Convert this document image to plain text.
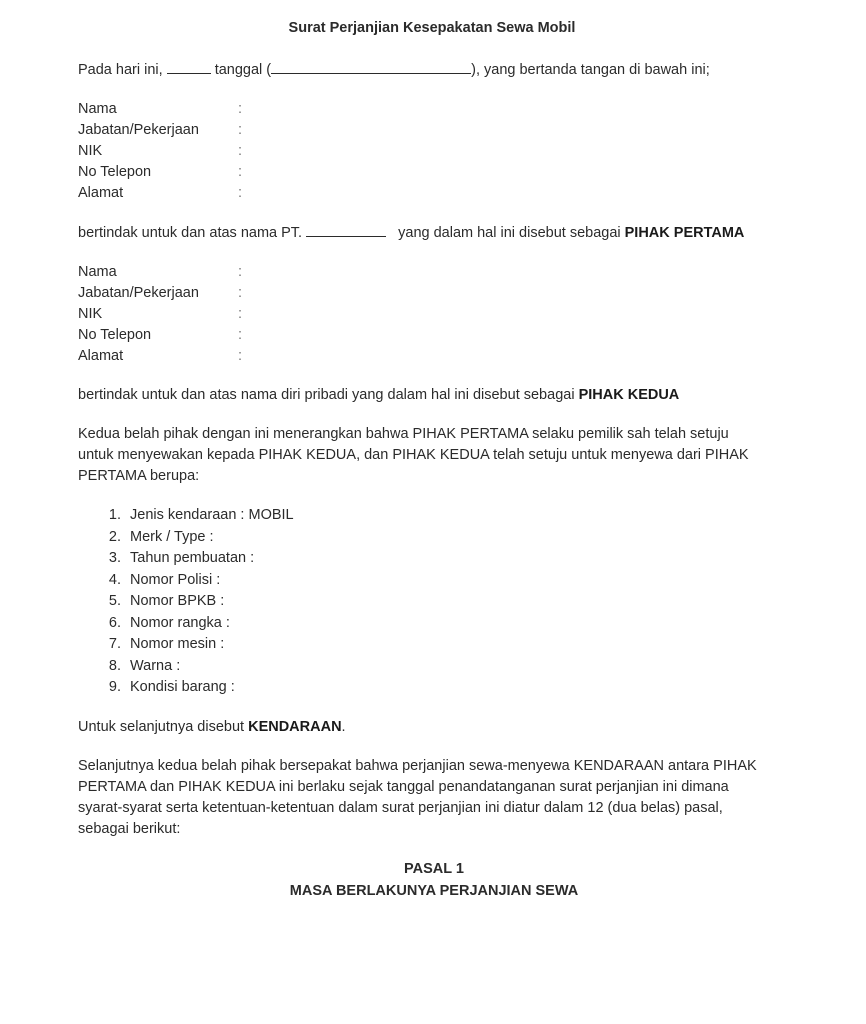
Surat Perjanjian Kesepakatan Sewa Mobil

Pada hari ini,	tanggal (	), yang bertanda tangan di bawah ini;

Nama	:
Jabatan/Pekerjaan	:
NIK	:
No Telepon	:
Alamat	:

bertindak untuk dan atas nama PT.	yang dalam hal ini disebut sebagai PIHAK PERTAMA

Nama	:
Jabatan/Pekerjaan	:
NIK	:
No Telepon	:
Alamat	:

bertindak untuk dan atas nama diri pribadi yang dalam hal ini disebut sebagai PIHAK KEDUA

Kedua belah pihak dengan ini menerangkan bahwa PIHAK PERTAMA selaku pemilik sah telah setuju untuk menyewakan kepada PIHAK KEDUA, dan PIHAK KEDUA telah setuju untuk menyewa dari PIHAK PERTAMA berupa:

1. Jenis kendaraan : MOBIL
2. Merk / Type :
3. Tahun pembuatan :
4. Nomor Polisi :
5. Nomor BPKB :
6. Nomor rangka :
7. Nomor mesin :
8. Warna :
9. Kondisi barang :

Untuk selanjutnya disebut KENDARAAN.

Selanjutnya kedua belah pihak bersepakat bahwa perjanjian sewa-menyewa KENDARAAN antara PIHAK PERTAMA dan PIHAK KEDUA ini berlaku sejak tanggal penandatanganan surat perjanjian ini dimana syarat-syarat serta ketentuan-ketentuan dalam surat perjanjian ini diatur dalam 12 (dua belas) pasal, sebagai berikut:

PASAL 1
MASA BERLAKUNYA PERJANJIAN SEWA
